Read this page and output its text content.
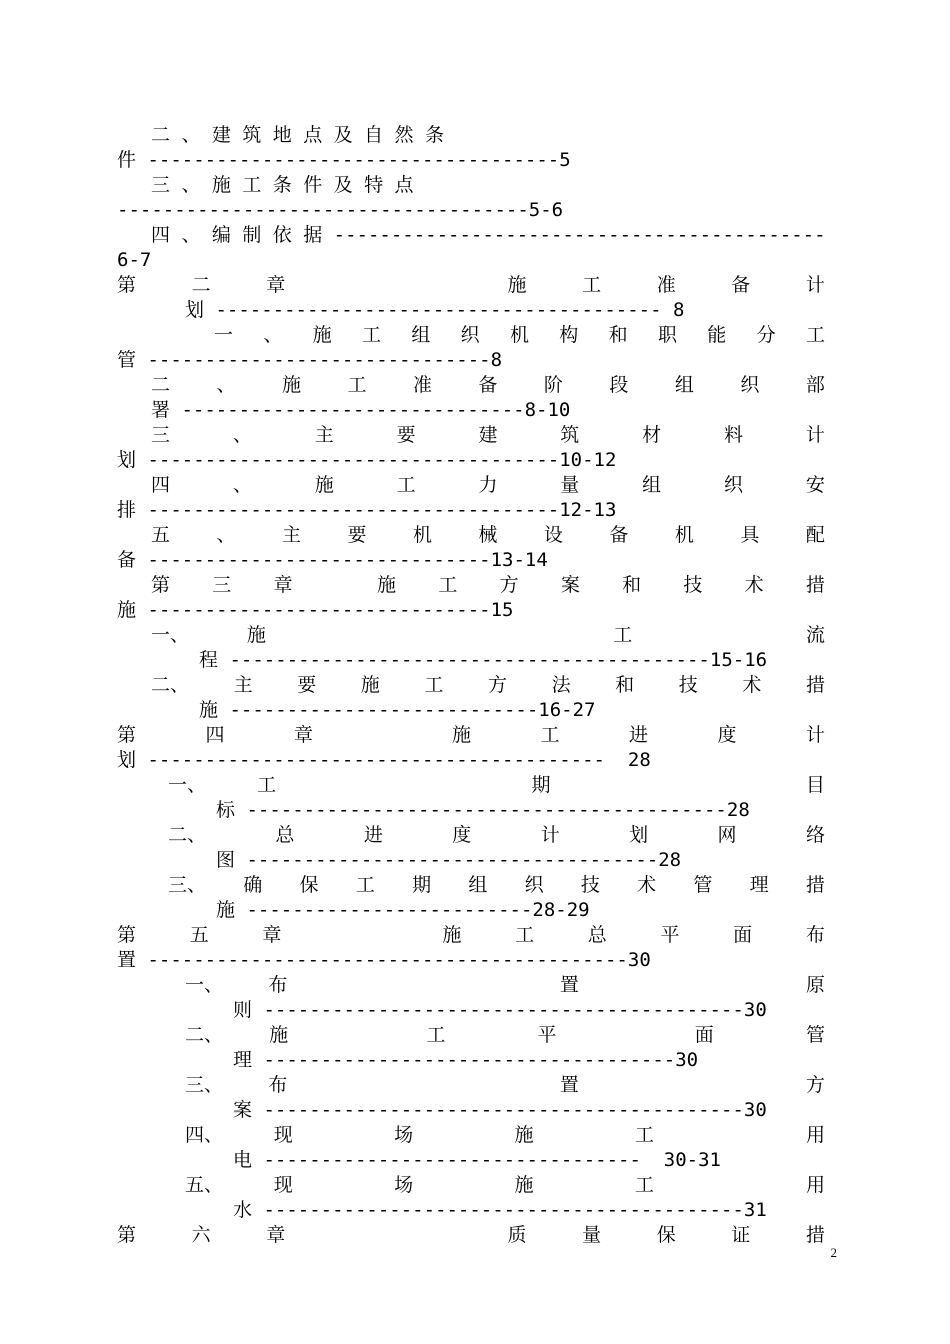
二 、 建 筑 地 点 及 自 然 条
件 ------------------------------------5
三 、 施 工 条 件 及 特 点
------------------------------------5-6
四 、 编 制 依 据 -------------------------------------------
6-7
第	二	章	施	工	准	备	计
划 --------------------------------------- 8
一 、 施 工 组 织 机 构 和 职 能 分 工
管 ------------------------------8
二 、 施 工 准 备 阶 段 组 织 部
署 ------------------------------8-10
三	、	主	要	建	筑	材	料	计
划 ------------------------------------10-12
四	、	施	工	力	量	组	织	安
排 ------------------------------------12-13
五 、 主 要 机 械 设 备 机 具 配
备 ------------------------------13-14
第 三 章	施 工 方 案 和 技 术 措
施 ------------------------------15
一、	施	工	流
程 ------------------------------------------15-16
二、 主 要 施 工 方 法 和 技 术 措
施 ---------------------------16-27
第	四	章	施	工	进	度	计
划 ----------------------------------------  28
一、	工	期	目
标 ------------------------------------------28
二、	总	进	度	计	划	网	络
图 ------------------------------------28
三、 确 保 工 期 组 织 技 术 管 理 措
施 -------------------------28-29
第	五	章	施	工	总	平	面	布
置 ------------------------------------------30
一、 布	置	原
则 ------------------------------------------30
二、 施	工	平	面	管
理 ------------------------------------30
三、 布	置	方
案 ------------------------------------------30
四、	现	场	施	工	用
电 ---------------------------------  30-31
五、	现	场	施	工	用
水 ------------------------------------------31
第	六	章	质	量	保	证	措
2
